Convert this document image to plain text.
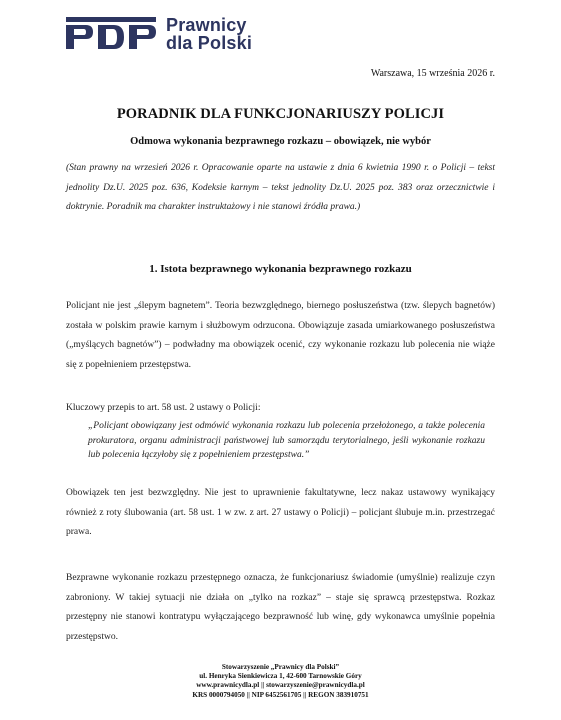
Prawnicy
dla Polski
Warszawa, 15 września 2026 r.
PORADNIK DLA FUNKCJONARIUSZY POLICJI
Odmowa wykonania bezprawnego rozkazu – obowiązek, nie wybór
(Stan prawny na wrzesień 2026 r. Opracowanie oparte na ustawie z dnia 6 kwietnia 1990 r. o Policji – tekst jednolity Dz.U. 2025 poz. 636, Kodeksie karnym – tekst jednolity Dz.U. 2025 poz. 383 oraz orzecznictwie i doktrynie. Poradnik ma charakter instruktażowy i nie stanowi źródła prawa.)
1. Istota bezprawnego wykonania bezprawnego rozkazu
Policjant nie jest „ślepym bagnetem”. Teoria bezwzględnego, biernego posłuszeństwa (tzw. ślepych bagnetów) została w polskim prawie karnym i służbowym odrzucona. Obowiązuje zasada umiarkowanego posłuszeństwa („myślących bagnetów”) – podwładny ma obowiązek ocenić, czy wykonanie rozkazu lub polecenia nie wiąże się z popełnieniem przestępstwa.
Kluczowy przepis to art. 58 ust. 2 ustawy o Policji:
„Policjant obowiązany jest odmówić wykonania rozkazu lub polecenia przełożonego, a także polecenia prokuratora, organu administracji państwowej lub samorządu terytorialnego, jeśli wykonanie rozkazu lub polecenia łączyłoby się z popełnieniem przestępstwa.”
Obowiązek ten jest bezwzględny. Nie jest to uprawnienie fakultatywne, lecz nakaz ustawowy wynikający również z roty ślubowania (art. 58 ust. 1 w zw. z art. 27 ustawy o Policji) – policjant ślubuje m.in. przestrzegać prawa.
Bezprawne wykonanie rozkazu przestępnego oznacza, że funkcjonariusz świadomie (umyślnie) realizuje czyn zabroniony. W takiej sytuacji nie działa on „tylko na rozkaz” – staje się sprawcą przestępstwa. Rozkaz przestępny nie stanowi kontratypu wyłączającego bezprawność lub winę, gdy wykonawca umyślnie popełnia przestępstwo.
Stowarzyszenie „Prawnicy dla Polski”
ul. Henryka Sienkiewicza 1, 42-600 Tarnowskie Góry
www.prawnicydla.pl || stowarzyszenie@prawnicydla.pl
KRS 0000794050 || NIP 6452561705 || REGON 383910751
